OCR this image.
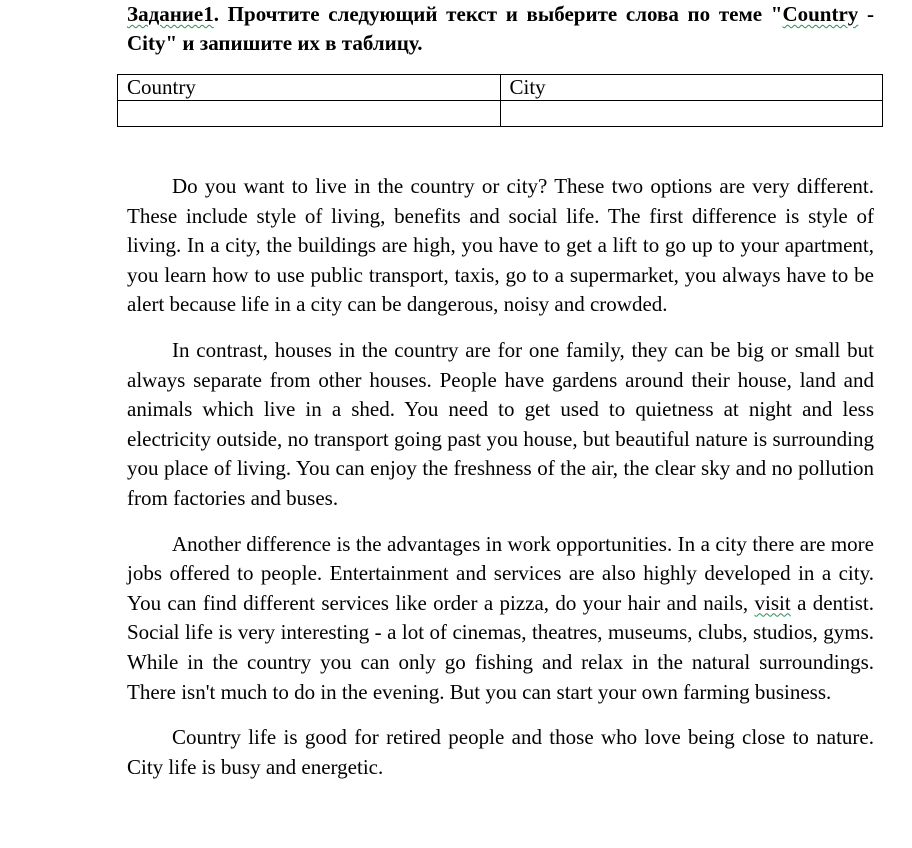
Задание1. Прочтите следующий текст и выберите слова по теме "Country - City" и запишите их в таблицу.
Country	City

Do you want to live in the country or city? These two options are very different. These include style of living, benefits and social life. The first difference is style of living. In a city, the buildings are high, you have to get a lift to go up to your apartment, you learn how to use public transport, taxis, go to a supermarket, you always have to be alert because life in a city can be dangerous, noisy and crowded.

In contrast, houses in the country are for one family, they can be big or small but always separate from other houses. People have gardens around their house, land and animals which live in a shed. You need to get used to quietness at night and less electricity outside, no transport going past you house, but beautiful nature is surrounding you place of living. You can enjoy the freshness of the air, the clear sky and no pollution from factories and buses.

Another difference is the advantages in work opportunities. In a city there are more jobs offered to people. Entertainment and services are also highly developed in a city. You can find different services like order a pizza, do your hair and nails, visit a dentist. Social life is very interesting - a lot of cinemas, theatres, museums, clubs, studios, gyms. While in the country you can only go fishing and relax in the natural surroundings. There isn't much to do in the evening. But you can start your own farming business.

Country life is good for retired people and those who love being close to nature. City life is busy and energetic.
